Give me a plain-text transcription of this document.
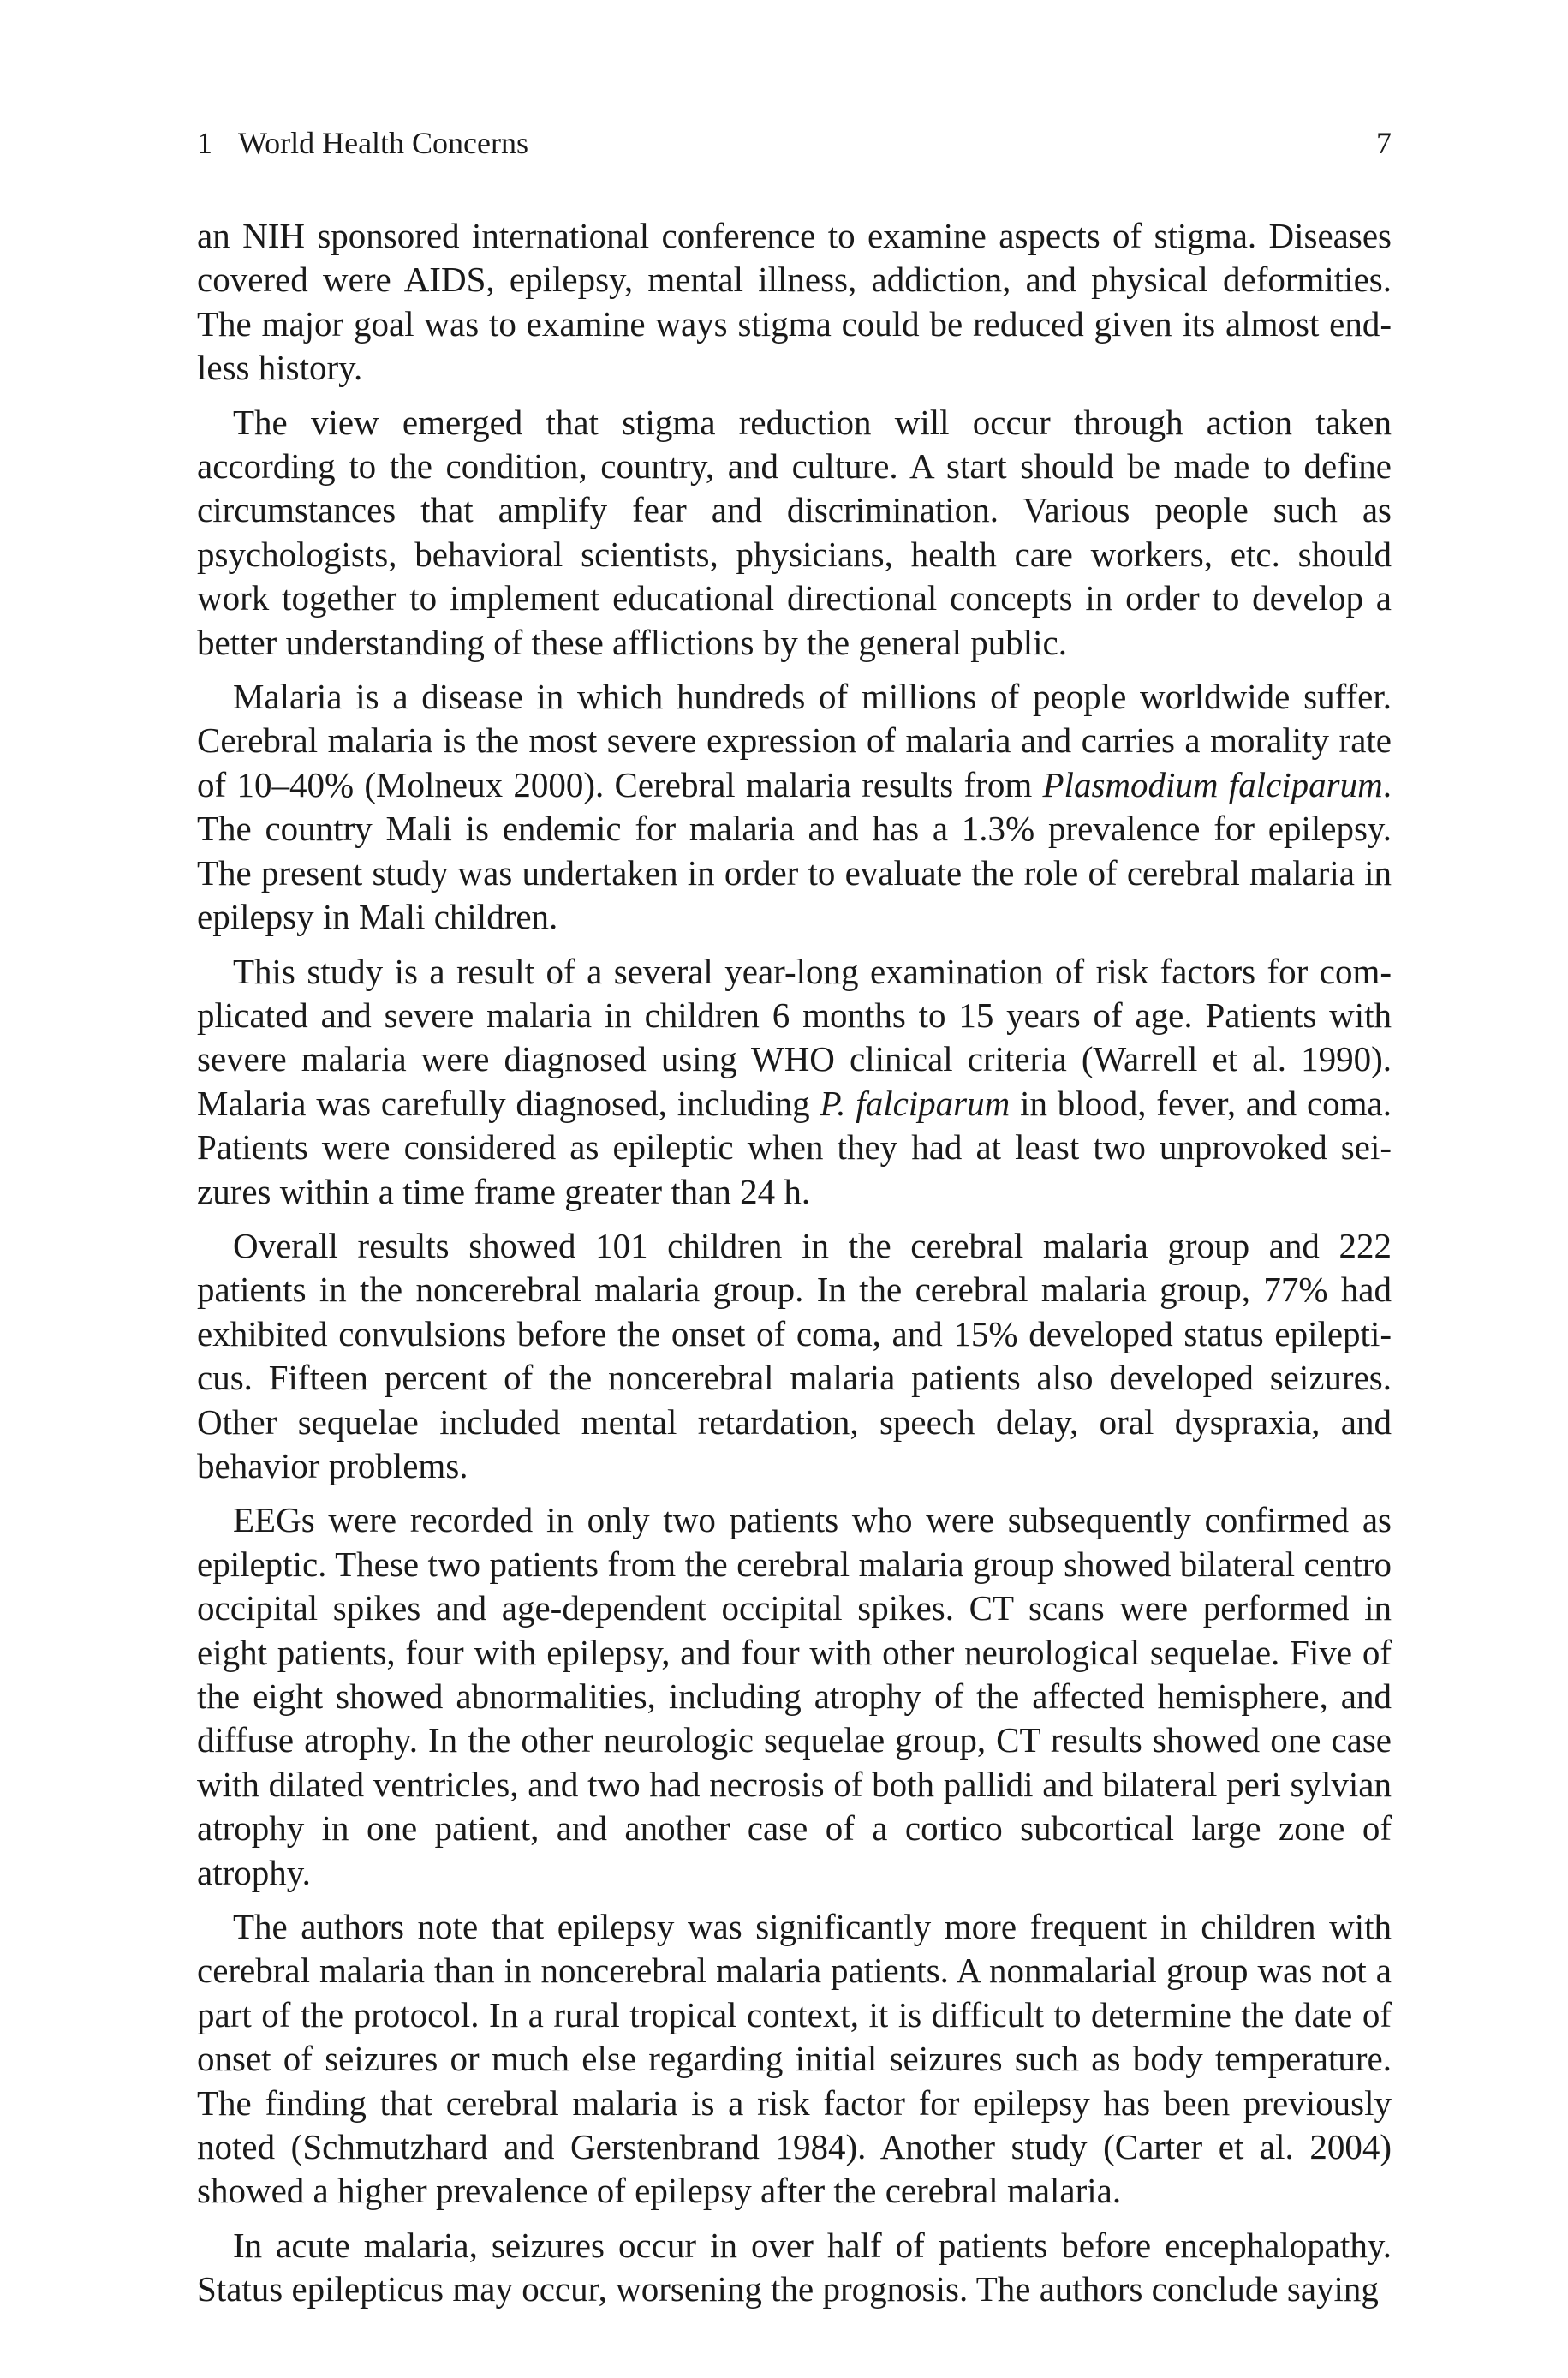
1 World Health Concerns	7

an NIH sponsored international conference to examine aspects of stigma. Diseases covered were AIDS, epilepsy, mental illness, addiction, and physical deformities. The major goal was to examine ways stigma could be reduced given its almost endless history.

The view emerged that stigma reduction will occur through action taken according to the condition, country, and culture. A start should be made to define circumstances that amplify fear and discrimination. Various people such as psychologists, behavioral scientists, physicians, health care workers, etc. should work together to implement educational directional concepts in order to develop a better understanding of these afflictions by the general public.

Malaria is a disease in which hundreds of millions of people worldwide suffer. Cerebral malaria is the most severe expression of malaria and carries a morality rate of 10–40% (Molneux 2000). Cerebral malaria results from Plasmodium falciparum. The country Mali is endemic for malaria and has a 1.3% prevalence for epilepsy. The present study was undertaken in order to evaluate the role of cerebral malaria in epilepsy in Mali children.

This study is a result of a several year-long examination of risk factors for complicated and severe malaria in children 6 months to 15 years of age. Patients with severe malaria were diagnosed using WHO clinical criteria (Warrell et al. 1990). Malaria was carefully diagnosed, including P. falciparum in blood, fever, and coma. Patients were considered as epileptic when they had at least two unprovoked seizures within a time frame greater than 24 h.

Overall results showed 101 children in the cerebral malaria group and 222 patients in the noncerebral malaria group. In the cerebral malaria group, 77% had exhibited convulsions before the onset of coma, and 15% developed status epilepticus. Fifteen percent of the noncerebral malaria patients also developed seizures. Other sequelae included mental retardation, speech delay, oral dyspraxia, and behavior problems.

EEGs were recorded in only two patients who were subsequently confirmed as epileptic. These two patients from the cerebral malaria group showed bilateral centro occipital spikes and age-dependent occipital spikes. CT scans were performed in eight patients, four with epilepsy, and four with other neurological sequelae. Five of the eight showed abnormalities, including atrophy of the affected hemisphere, and diffuse atrophy. In the other neurologic sequelae group, CT results showed one case with dilated ventricles, and two had necrosis of both pallidi and bilateral peri sylvian atrophy in one patient, and another case of a cortico subcortical large zone of atrophy.

The authors note that epilepsy was significantly more frequent in children with cerebral malaria than in noncerebral malaria patients. A nonmalarial group was not a part of the protocol. In a rural tropical context, it is difficult to determine the date of onset of seizures or much else regarding initial seizures such as body temperature. The finding that cerebral malaria is a risk factor for epilepsy has been previously noted (Schmutzhard and Gerstenbrand 1984). Another study (Carter et al. 2004) showed a higher prevalence of epilepsy after the cerebral malaria.

In acute malaria, seizures occur in over half of patients before encephalopathy. Status epilepticus may occur, worsening the prognosis. The authors conclude saying
